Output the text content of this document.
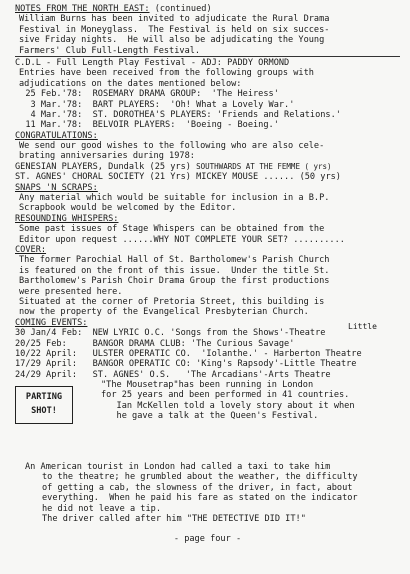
NOTES FROM THE NORTH EAST: (continued)
William Burns has been invited to adjudicate the Rural Drama
Festival in Moneyglass.  The Festival is held on six succes-
sive Friday nights.  He will also be adjudicating the Young
Farmers' Club Full-Length Festival.
C.D.L - Full Length Play Festival - ADJ: PADDY ORMOND
Entries have been received from the following groups with
adjudications on the dates mentioned below:
25 Feb.'78:  ROSEMARY DRAMA GROUP:  'The Heiress'
3 Mar.'78:  BART PLAYERS:  'Oh! What a Lovely War.'
4 Mar.'78:  ST. DOROTHEA'S PLAYERS: 'Friends and Relations.'
11 Mar.'78:  BELVOIR PLAYERS:  'Boeing - Boeing.'
CONGRATULATIONS:
We send our good wishes to the following who are also cele-
brating anniversaries during 1978:
GENESIAN PLAYERS, Dundalk (25 yrs) SOUTHWARDS AT THE FEMME ( yrs)
ST. AGNES' CHORAL SOCIETY (21 Yrs) MICKEY MOUSE ...... (50 yrs)
SNAPS 'N SCRAPS:
Any material which would be suitable for inclusion in a B.P.
Scrapbook would be welcomed by the Editor.
RESOUNDING WHISPERS:
Some past issues of Stage Whispers can be obtained from the
Editor upon request ......WHY NOT COMPLETE YOUR SET? ..........
COVER:
The former Parochial Hall of St. Bartholomew's Parish Church
is featured on the front of this issue.  Under the title St.
Bartholomew's Parish Choir Drama Group the first productions
were presented here.
Situated at the corner of Pretoria Street, this building is
now the property of the Evangelical Presbyterian Church.
COMING EVENTS:	Little
30 Jan/4 Feb:  NEW LYRIC O.C. 'Songs from the Shows'-Theatre
20/25 Feb:     BANGOR DRAMA CLUB: 'The Curious Savage'
10/22 April:   ULSTER OPERATIC CO.  'Iolanthe.' - Harberton Theatre
17/29 April:   BANGOR OPERATIC CO: 'King's Rapsody'-Little Theatre
24/29 April:   ST. AGNES' O.S.   'The Arcadians'-Arts Theatre
PARTING
SHOT!
"The Mousetrap"has been running in London
for 25 years and been performed in 41 countries.
Ian McKellen told a lovely story about it when
he gave a talk at the Queen's Festival.
An American tourist in London had called a taxi to take him
to the theatre; he grumbled about the weather, the difficulty
of getting a cab, the slowness of the driver, in fact, about
everything.  When he paid his fare as stated on the indicator
he did not leave a tip.
The driver called after him "THE DETECTIVE DID IT!"
- page four -
